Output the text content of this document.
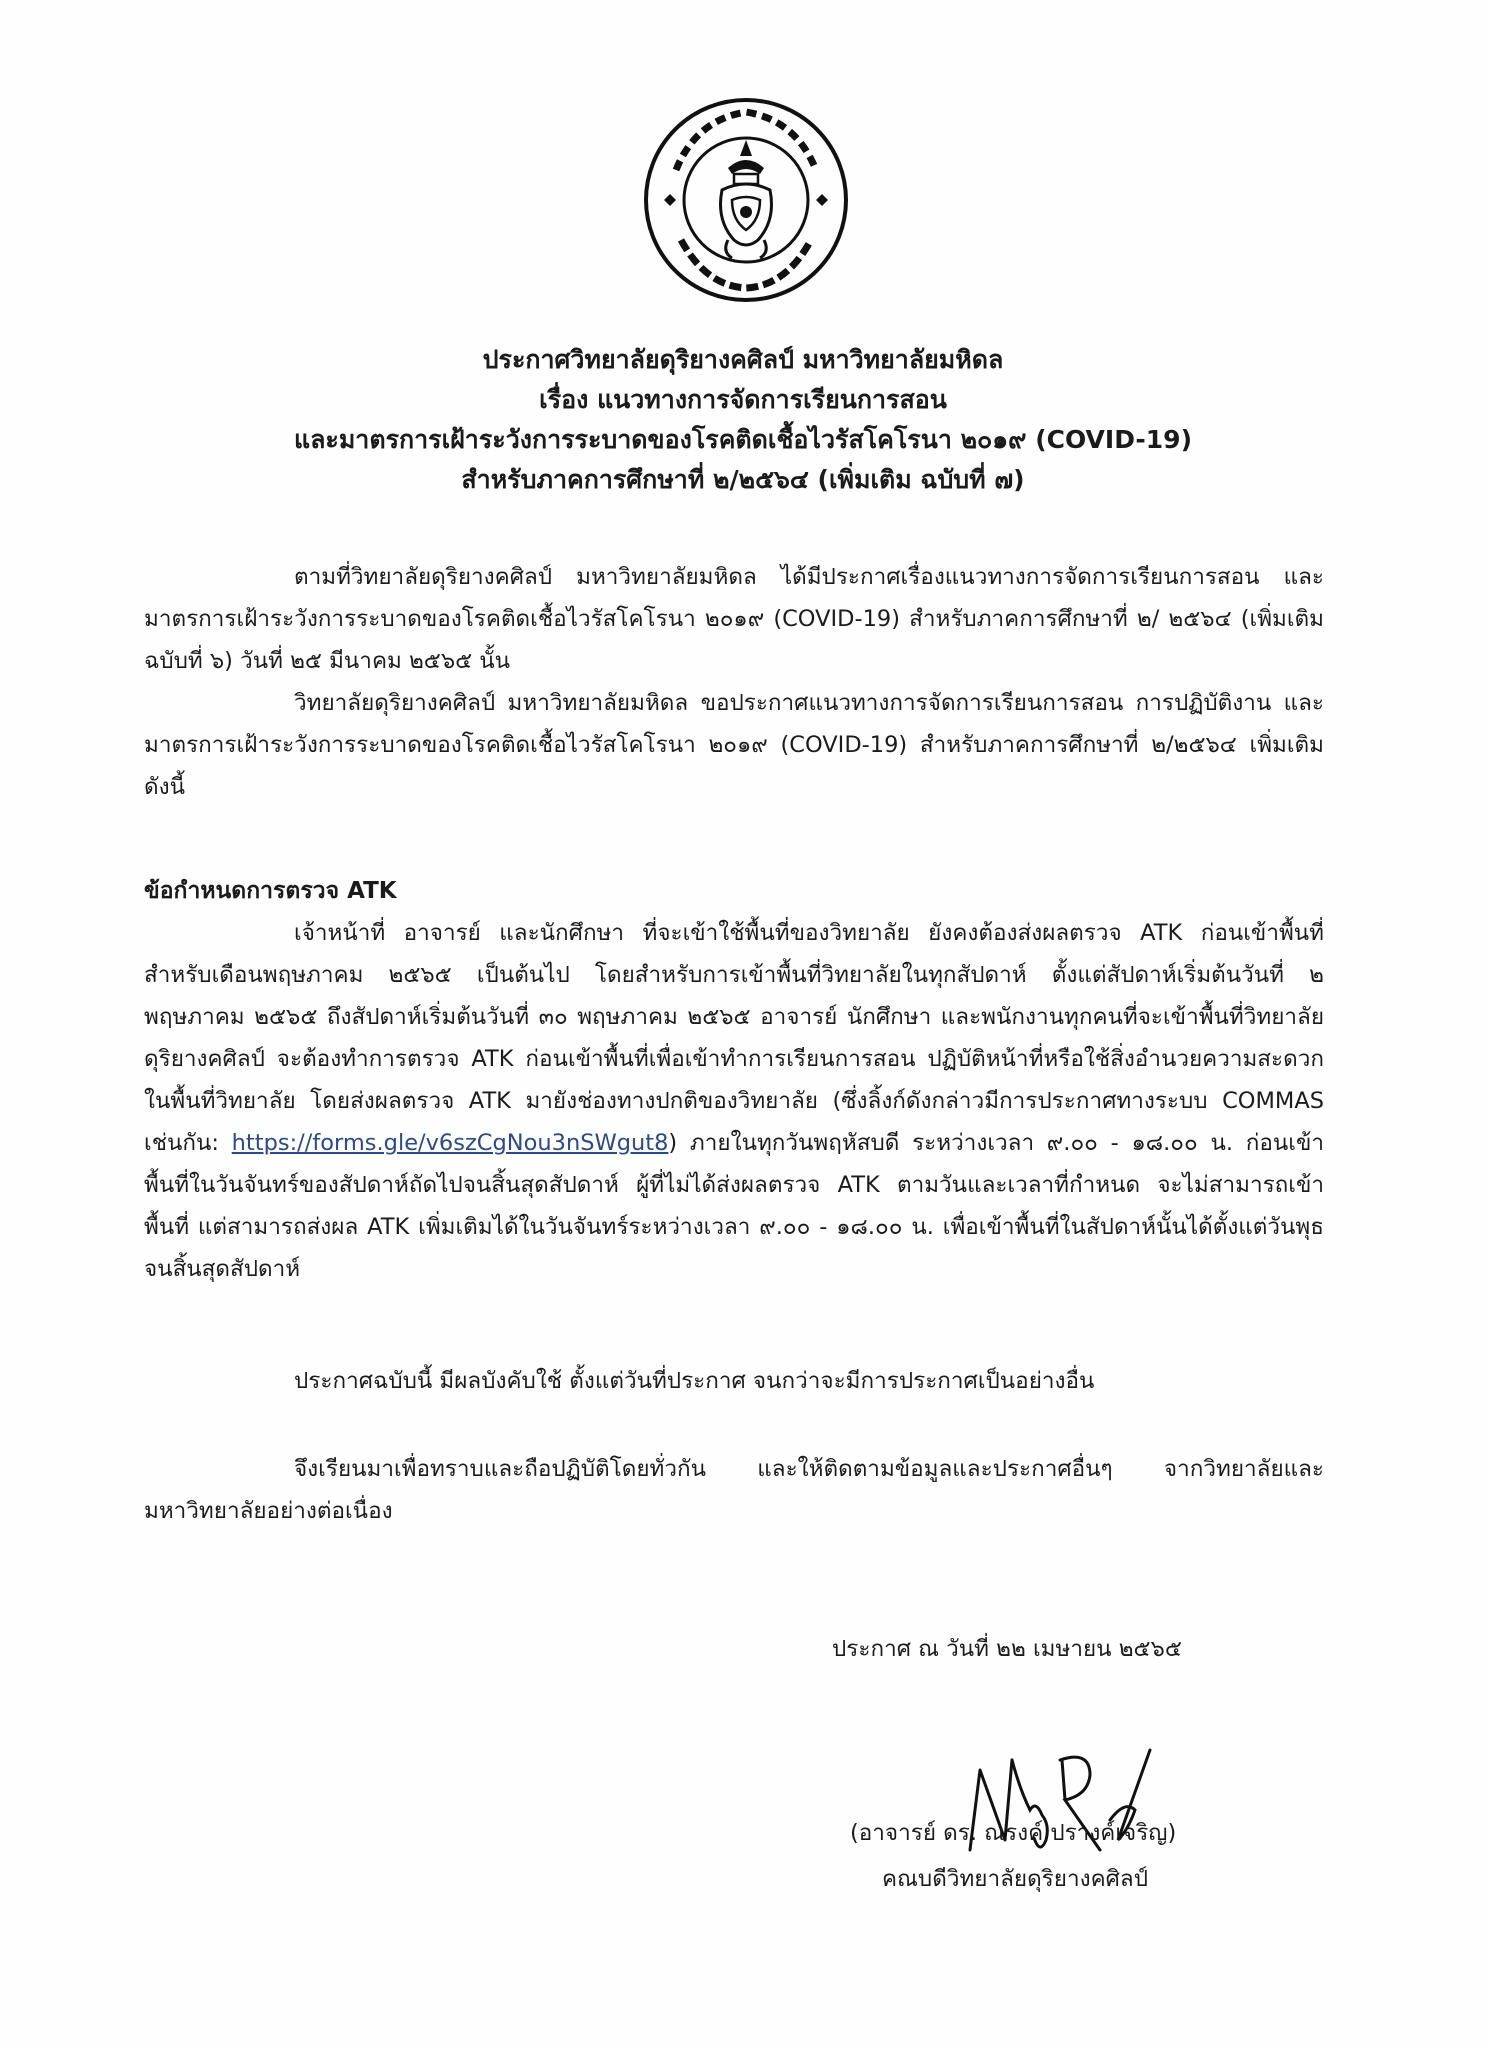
ประกาศวิทยาลัยดุริยางคศิลป์ มหาวิทยาลัยมหิดล
เรื่อง แนวทางการจัดการเรียนการสอน
และมาตรการเฝ้าระวังการระบาดของโรคติดเชื้อไวรัสโคโรนา ๒๐๑๙ (COVID-19)
สำหรับภาคการศึกษาที่ ๒/๒๕๖๔ (เพิ่มเติม ฉบับที่ ๗)

ตามที่วิทยาลัยดุริยางคศิลป์ มหาวิทยาลัยมหิดล ได้มีประกาศเรื่องแนวทางการจัดการเรียนการสอน และมาตรการเฝ้าระวังการระบาดของโรคติดเชื้อไวรัสโคโรนา ๒๐๑๙ (COVID-19) สำหรับภาคการศึกษาที่ ๒/ ๒๕๖๔ (เพิ่มเติม ฉบับที่ ๖) วันที่ ๒๕ มีนาคม ๒๕๖๕ นั้น

วิทยาลัยดุริยางคศิลป์ มหาวิทยาลัยมหิดล ขอประกาศแนวทางการจัดการเรียนการสอน การปฏิบัติงาน และมาตรการเฝ้าระวังการระบาดของโรคติดเชื้อไวรัสโคโรนา ๒๐๑๙ (COVID-19) สำหรับภาคการศึกษาที่ ๒/๒๕๖๔ เพิ่มเติม ดังนี้

ข้อกำหนดการตรวจ ATK

เจ้าหน้าที่ อาจารย์ และนักศึกษา ที่จะเข้าใช้พื้นที่ของวิทยาลัย ยังคงต้องส่งผลตรวจ ATK ก่อนเข้าพื้นที่ สำหรับเดือนพฤษภาคม ๒๕๖๕ เป็นต้นไป โดยสำหรับการเข้าพื้นที่วิทยาลัยในทุกสัปดาห์ ตั้งแต่สัปดาห์เริ่มต้นวันที่ ๒ พฤษภาคม ๒๕๖๕ ถึงสัปดาห์เริ่มต้นวันที่ ๓๐ พฤษภาคม ๒๕๖๕ อาจารย์ นักศึกษา และพนักงานทุกคนที่จะเข้าพื้นที่วิทยาลัยดุริยางคศิลป์ จะต้องทำการตรวจ ATK ก่อนเข้าพื้นที่เพื่อเข้าทำการเรียนการสอน ปฏิบัติหน้าที่หรือใช้สิ่งอำนวยความสะดวกในพื้นที่วิทยาลัย โดยส่งผลตรวจ ATK มายังช่องทางปกติของวิทยาลัย (ซึ่งลิ้งก์ดังกล่าวมีการประกาศทางระบบ COMMAS เช่นกัน: https://forms.gle/v6szCgNou3nSWgut8) ภายในทุกวันพฤหัสบดี ระหว่างเวลา ๙.๐๐ - ๑๘.๐๐ น. ก่อนเข้าพื้นที่ในวันจันทร์ของสัปดาห์ถัดไปจนสิ้นสุดสัปดาห์ ผู้ที่ไม่ได้ส่งผลตรวจ ATK ตามวันและเวลาที่กำหนด จะไม่สามารถเข้าพื้นที่ แต่สามารถส่งผล ATK เพิ่มเติมได้ในวันจันทร์ระหว่างเวลา ๙.๐๐ - ๑๘.๐๐ น. เพื่อเข้าพื้นที่ในสัปดาห์นั้นได้ตั้งแต่วันพุธจนสิ้นสุดสัปดาห์

ประกาศฉบับนี้ มีผลบังคับใช้ ตั้งแต่วันที่ประกาศ จนกว่าจะมีการประกาศเป็นอย่างอื่น

จึงเรียนมาเพื่อทราบและถือปฏิบัติโดยทั่วกัน และให้ติดตามข้อมูลและประกาศอื่นๆ จากวิทยาลัยและมหาวิทยาลัยอย่างต่อเนื่อง

ประกาศ ณ วันที่ ๒๒ เมษายน ๒๕๖๕
(อาจารย์ ดร. ณรงค์ ปรางค์เจริญ)
คณบดีวิทยาลัยดุริยางคศิลป์
